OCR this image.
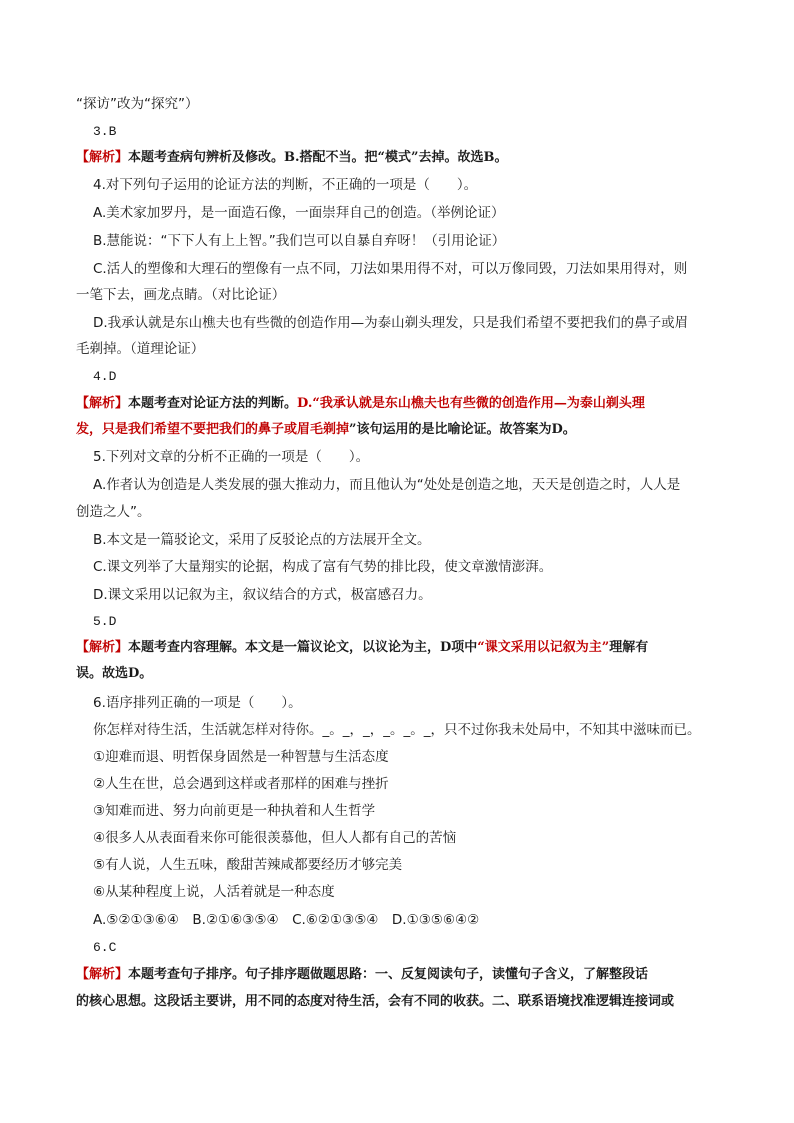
“探访”改为“探究”）
3.B
【解析】本题考查病句辨析及修改。B.搭配不当。把“模式”去掉。故选B。
4.对下列句子运用的论证方法的判断，不正确的一项是（　　）。
A.美术家加罗丹，是一面造石像，一面崇拜自己的创造。（举例论证）
B.慧能说：“下下人有上上智。”我们岂可以自暴自弃呀！（引用论证）
C.活人的塑像和大理石的塑像有一点不同，刀法如果用得不对，可以万像同毁，刀法如果用得对，则
一笔下去，画龙点睛。（对比论证）
D.我承认就是东山樵夫也有些微的创造作用—为泰山剃头理发，只是我们希望不要把我们的鼻子或眉
毛剃掉。（道理论证）
4.D
【解析】本题考查对论证方法的判断。D.“我承认就是东山樵夫也有些微的创造作用—为泰山剃头理
发，只是我们希望不要把我们的鼻子或眉毛剃掉”该句运用的是比喻论证。故答案为D。
5.下列对文章的分析不正确的一项是（　　）。
A.作者认为创造是人类发展的强大推动力，而且他认为“处处是创造之地，天天是创造之时，人人是
创造之人”。
B.本文是一篇驳论文，采用了反驳论点的方法展开全文。
C.课文列举了大量翔实的论据，构成了富有气势的排比段，使文章激情澎湃。
D.课文采用以记叙为主，叙议结合的方式，极富感召力。
5.D
【解析】本题考查内容理解。本文是一篇议论文，以议论为主，D项中“课文采用以记叙为主”理解有
误。故选D。
6.语序排列正确的一项是（　　）。
你怎样对待生活，生活就怎样对待你。_。_，_，_。_。_，只不过你我未处局中，不知其中滋味而已。
①迎难而退、明哲保身固然是一种智慧与生活态度
②人生在世，总会遇到这样或者那样的困难与挫折
③知难而进、努力向前更是一种执着和人生哲学
④很多人从表面看来你可能很羡慕他，但人人都有自己的苦恼
⑤有人说，人生五味，酸甜苦辣咸都要经历才够完美
⑥从某种程度上说，人活着就是一种态度
A.⑤②①③⑥④　B.②①⑥③⑤④　C.⑥②①③⑤④　D.①③⑤⑥④②
6.C
【解析】本题考查句子排序。句子排序题做题思路：一、反复阅读句子，读懂句子含义，了解整段话
的核心思想。这段话主要讲，用不同的态度对待生活，会有不同的收获。二、联系语境找准逻辑连接词或
